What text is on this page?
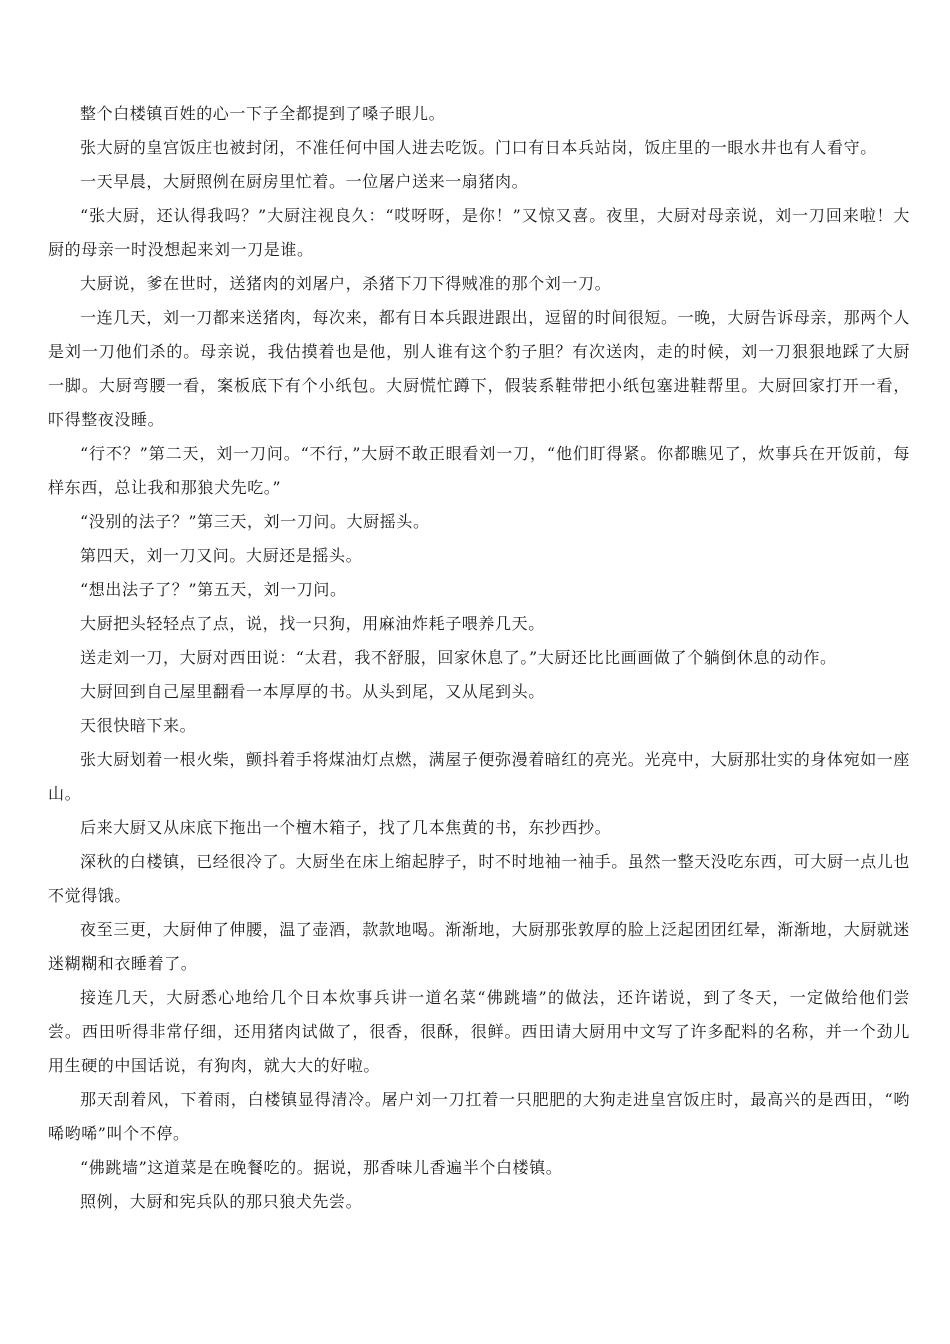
整个白楼镇百姓的心一下子全都提到了嗓子眼儿。

张大厨的皇宫饭庄也被封闭，不准任何中国人进去吃饭。门口有日本兵站岗，饭庄里的一眼水井也有人看守。

一天早晨，大厨照例在厨房里忙着。一位屠户送来一扇猪肉。

“张大厨，还认得我吗？”大厨注视良久：“哎呀呀，是你！”又惊又喜。夜里，大厨对母亲说，刘一刀回来啦！大厨的母亲一时没想起来刘一刀是谁。

大厨说，爹在世时，送猪肉的刘屠户，杀猪下刀下得贼准的那个刘一刀。

一连几天，刘一刀都来送猪肉，每次来，都有日本兵跟进跟出，逗留的时间很短。一晚，大厨告诉母亲，那两个人是刘一刀他们杀的。母亲说，我估摸着也是他，别人谁有这个豹子胆？有次送肉，走的时候，刘一刀狠狠地踩了大厨一脚。大厨弯腰一看，案板底下有个小纸包。大厨慌忙蹲下，假装系鞋带把小纸包塞进鞋帮里。大厨回家打开一看，吓得整夜没睡。

“行不？”第二天，刘一刀问。“不行，”大厨不敢正眼看刘一刀，“他们盯得紧。你都瞧见了，炊事兵在开饭前，每样东西，总让我和那狼犬先吃。”

“没别的法子？”第三天，刘一刀问。大厨摇头。

第四天，刘一刀又问。大厨还是摇头。

“想出法子了？”第五天，刘一刀问。

大厨把头轻轻点了点，说，找一只狗，用麻油炸耗子喂养几天。

送走刘一刀，大厨对西田说：“太君，我不舒服，回家休息了。”大厨还比比画画做了个躺倒休息的动作。

大厨回到自己屋里翻看一本厚厚的书。从头到尾，又从尾到头。

天很快暗下来。

张大厨划着一根火柴，颤抖着手将煤油灯点燃，满屋子便弥漫着暗红的亮光。光亮中，大厨那壮实的身体宛如一座山。

后来大厨又从床底下拖出一个檀木箱子，找了几本焦黄的书，东抄西抄。

深秋的白楼镇，已经很冷了。大厨坐在床上缩起脖子，时不时地袖一袖手。虽然一整天没吃东西，可大厨一点儿也不觉得饿。

夜至三更，大厨伸了伸腰，温了壶酒，款款地喝。渐渐地，大厨那张敦厚的脸上泛起团团红晕，渐渐地，大厨就迷迷糊糊和衣睡着了。

接连几天，大厨悉心地给几个日本炊事兵讲一道名菜“佛跳墙”的做法，还许诺说，到了冬天，一定做给他们尝尝。西田听得非常仔细，还用猪肉试做了，很香，很酥，很鲜。西田请大厨用中文写了许多配料的名称，并一个劲儿用生硬的中国话说，有狗肉，就大大的好啦。

那天刮着风，下着雨，白楼镇显得清冷。屠户刘一刀扛着一只肥肥的大狗走进皇宫饭庄时，最高兴的是西田，“哟唏哟唏”叫个不停。

“佛跳墙”这道菜是在晚餐吃的。据说，那香味儿香遍半个白楼镇。

照例，大厨和宪兵队的那只狼犬先尝。
